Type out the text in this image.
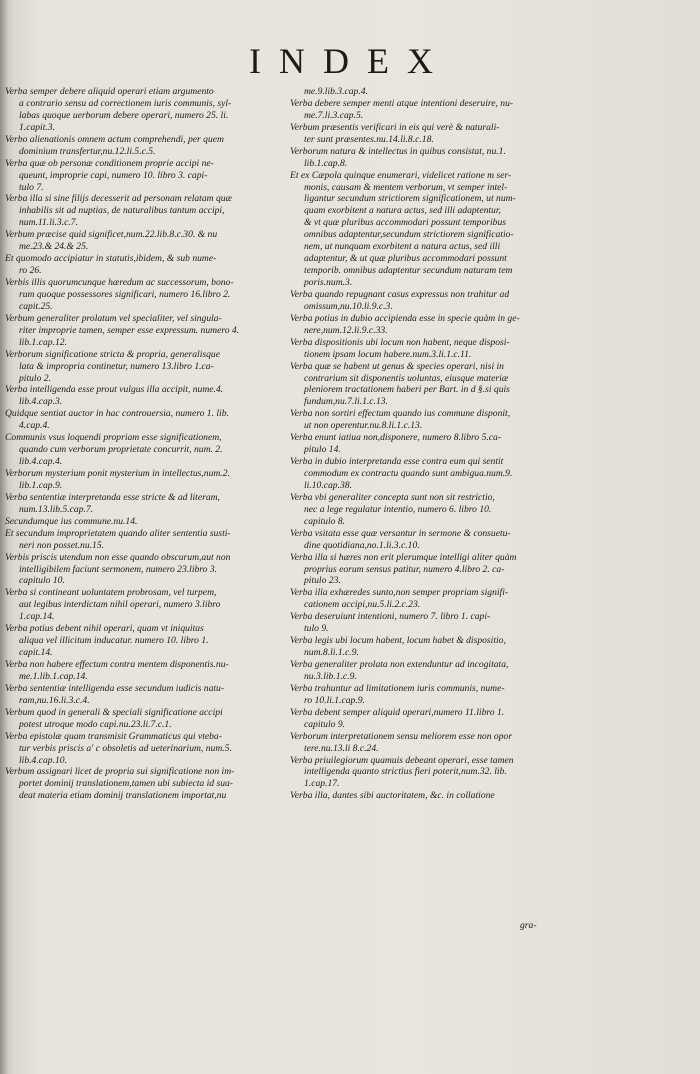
INDEX
Verba semper debere aliquid operari etiam argumento
a contrario sensu ad correctionem iuris communis, syl-
labas quoque uerborum debere operari, numero 25. li.
1.capit.3.
Verbo alienationis omnem actum comprehendi, per quem
dominium transfertur,nu.12.li.5.c.5.
Verba quæ ob personæ conditionem proprie accipi ne-
queunt, improprie capi, numero 10. libro 3. capi-
tulo 7.
Verba illa si sine filijs decesserit ad personam relatam quæ
inhabilis sit ad nuptias, de naturalibus tantum accipi,
num.11.li.3.c.7.
Verbum præcise quid significet,num.22.lib.8.c.30. & nu
me.23.& 24.& 25.
Et quomodo accipiatur in statutis,ibidem, & sub nume-
ro 26.
Verbis illis quorumcunque hæredum ac successorum, bono-
rum quoque possessores significari, numero 16.libro 2.
capit.25.
Verbum generaliter prolatum vel specialiter, vel singula-
riter improprie tamen, semper esse expressum. numero 4.
lib.1.cap.12.
Verborum significatione stricta & propria, generalisque
lata & impropria continetur, numero 13.libro 1.ca-
pitulo 2.
Verba intelligenda esse prout vulgus illa accipit, nume.4.
lib.4.cap.3.
Quidque sentiat auctor in hac controuersia, numero 1. lib.
4.cap.4.
Communis vsus loquendi propriam esse significationem,
quando cum verborum proprietate concurrit, num. 2.
lib.4.cap.4.
Verborum mysterium ponit mysterium in intellectus,num.2.
lib.1.cap.9.
Verba sententiæ interpretanda esse stricte & ad literam,
num.13.lib.5.cap.7.
Secundumque ius commune.nu.14.
Et secundum improprietatem quando aliter sententia susti-
neri non posset.nu.15.
Verbis priscis utendum non esse quando obscurum,aut non
intelligibilem faciunt sermonem, numero 23.libro 3.
capitulo 10.
Verba si contineant uoluntatem probrosam, vel turpem,
aut legibus interdictam nihil operari, numero 3.libro
1.cap.14.
Verba potius debent nihil operari, quam vt iniquitas
aliqua vel illicitum inducatur. numero 10. libro 1.
capit.14.
Verba non habere effectum contra mentem disponentis.nu-
me.1.lib.1.cap.14.
Verba sententiæ intelligenda esse secundum iudicis natu-
ram,nu.16.li.3.c.4.
Verbum quod in generali & speciali significatione accipi
potest utroque modo capi.nu.23.li.7.c.1.
Verba epistolæ quam transmisit Grammaticus qui vteba-
tur verbis priscis a' c obsoletis ad ueterinarium, num.5.
lib.4.cap.10.
Verbum assignari licet de propria sui significatione non im-
portet dominij translationem,tamen ubi subiecta id sua-
deat materia etiam dominij translationem importat,nu
me.9.lib.3.cap.4.
Verba debere semper menti atque intentioni deseruire, nu-
me.7.li.3.cap.5.
Verbum præsentis verificari in eis qui verè & naturali-
ter sunt præsentes.nu.14.li.8.c.18.
Verborum natura & intellectus in quibus consistat, nu.1.
lib.1.cap.8.
Et ex Cæpola quinque enumerari, videlicet ratione m ser-
monis, causam & mentem verborum, vt semper intel-
ligantur secundum strictiorem significationem, ut num-
quam exorbitent a natura actus, sed illi adaptentur,
& vt quæ pluribus accommodari possunt temporibus
omnibus adaptentur,secundum strictiorem significatio-
nem, ut nunquam exorbitent a natura actus, sed illi
adaptentur, & ut quæ pluribus accommodari possunt
temporib. omnibus adaptentur secundum naturam tem
poris.num.3.
Verba quando repugnant casus expressus non trahitur ad
omissum,nu.10.li.9.c.3.
Verba potius in dubio accipienda esse in specie quàm in ge-
nere,num.12.li.9.c.33.
Verba dispositionis ubi locum non habent, neque disposi-
tionem ipsam locum habere.num.3.li.1.c.11.
Verba quæ se habent ut genus & species operari, nisi in
contrarium sit disponentis uoluntas, eiusque materiæ
pleniorem tractationem haberi per Bart. in d §.si quis
fundum,nu.7.li.1.c.13.
Verba non sortiri effectum quando ius commune disponit,
ut non operentur.nu.8.li.1.c.13.
Verba enunt iatiua non,disponere, numero 8.libro 5.ca-
pitulo 14.
Verba in dubio interpretanda esse contra eum qui sentit
commodum ex contractu quando sunt ambigua.num.9.
li.10.cap.38.
Verba vbi generaliter concepta sunt non sit restrictio,
nec a lege regulatur intentio, numero 6. libro 10.
capitulo 8.
Verba vsitata esse quæ versantur in sermone & consuetu-
dine quotidiana,no.1.li.3.c.10.
Verba illa si hæres non erit plerumque intelligi aliter quàm
proprius eorum sensus patitur, numero 4.libro 2. ca-
pitulo 23.
Verba illa exhæredes sunto,non semper propriam signifi-
cationem accipi,nu.5.li.2.c.23.
Verba deseruiunt intentioni, numero 7. libro 1. capi-
tulo 9.
Verba legis ubi locum habent, locum habet & dispositio,
num.8.li.1.c.9.
Verba generaliter prolata non extenduntur ad incogitata,
nu.3.lib.1.c.9.
Verba trahuntur ad limitationem iuris communis, nume-
ro 10.li.1.cap.9.
Verba debent semper aliquid operari,numero 11.libro 1.
capitulo 9.
Verborum interpretationem sensu meliorem esse non opor
tere.nu.13.li 8.c.24.
Verba priuilegiorum quamuis debeant operari, esse tamen
intelligenda quanto strictius fieri poterit,num.32. lib.
1.cap.17.
Verba illa, dantes sibi auctoritatem, &c. in collatione
gra-
